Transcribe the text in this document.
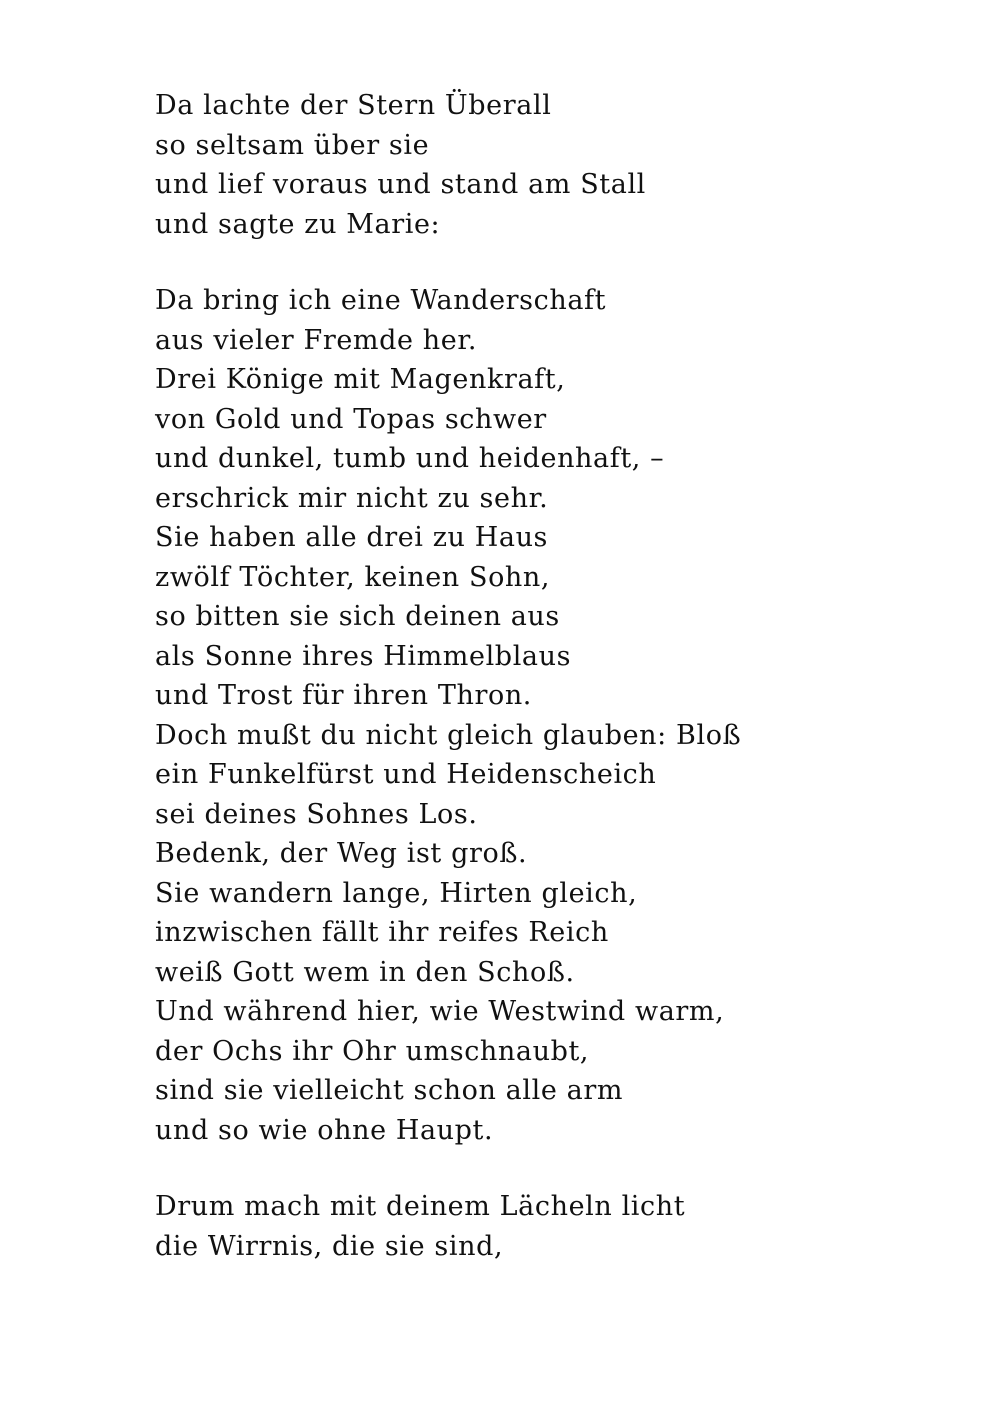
Da lachte der Stern Überall
so seltsam über sie
und lief voraus und stand am Stall
und sagte zu Marie:
Da bring ich eine Wanderschaft
aus vieler Fremde her.
Drei Könige mit Magenkraft,
von Gold und Topas schwer
und dunkel, tumb und heidenhaft, –
erschrick mir nicht zu sehr.
Sie haben alle drei zu Haus
zwölf Töchter, keinen Sohn,
so bitten sie sich deinen aus
als Sonne ihres Himmelblaus
und Trost für ihren Thron.
Doch mußt du nicht gleich glauben: Bloß
ein Funkelfürst und Heidenscheich
sei deines Sohnes Los.
Bedenk, der Weg ist groß.
Sie wandern lange, Hirten gleich,
inzwischen fällt ihr reifes Reich
weiß Gott wem in den Schoß.
Und während hier, wie Westwind warm,
der Ochs ihr Ohr umschnaubt,
sind sie vielleicht schon alle arm
und so wie ohne Haupt.
Drum mach mit deinem Lächeln licht
die Wirrnis, die sie sind,
